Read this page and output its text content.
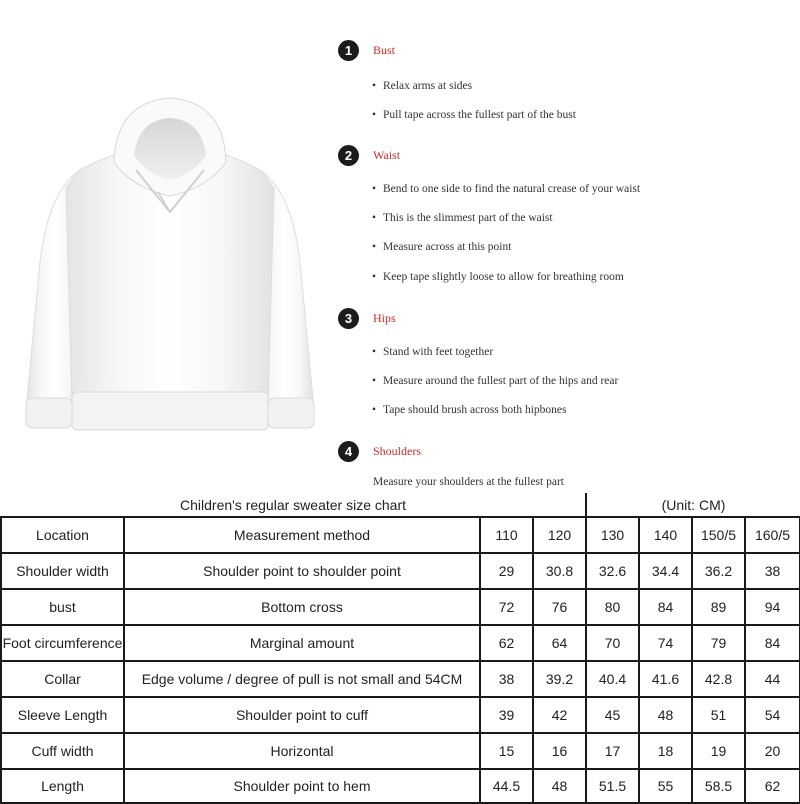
1	Bust
• Relax arms at sides
• Pull tape across the fullest part of the bust
2	Waist
• Bend to one side to find the natural crease of your waist
• This is the slimmest part of the waist
• Measure across at this point
• Keep tape slightly loose to allow for breathing room
3	Hips
• Stand with feet together
• Measure around the fullest part of the hips and rear
• Tape should brush across both hipbones
4	Shoulders
Measure your shoulders at the fullest part
Children's regular sweater size chart				(Unit: CM)			
Location	Measurement method	110	120	130	140	150/5	160/5
Shoulder width	Shoulder point to shoulder point	29	30.8	32.6	34.4	36.2	38
bust	Bottom cross	72	76	80	84	89	94
Foot circumference	Marginal amount	62	64	70	74	79	84
Collar	Edge volume / degree of pull is not small and 54CM	38	39.2	40.4	41.6	42.8	44
Sleeve Length	Shoulder point to cuff	39	42	45	48	51	54
Cuff width	Horizontal	15	16	17	18	19	20
Length	Shoulder point to hem	44.5	48	51.5	55	58.5	62
